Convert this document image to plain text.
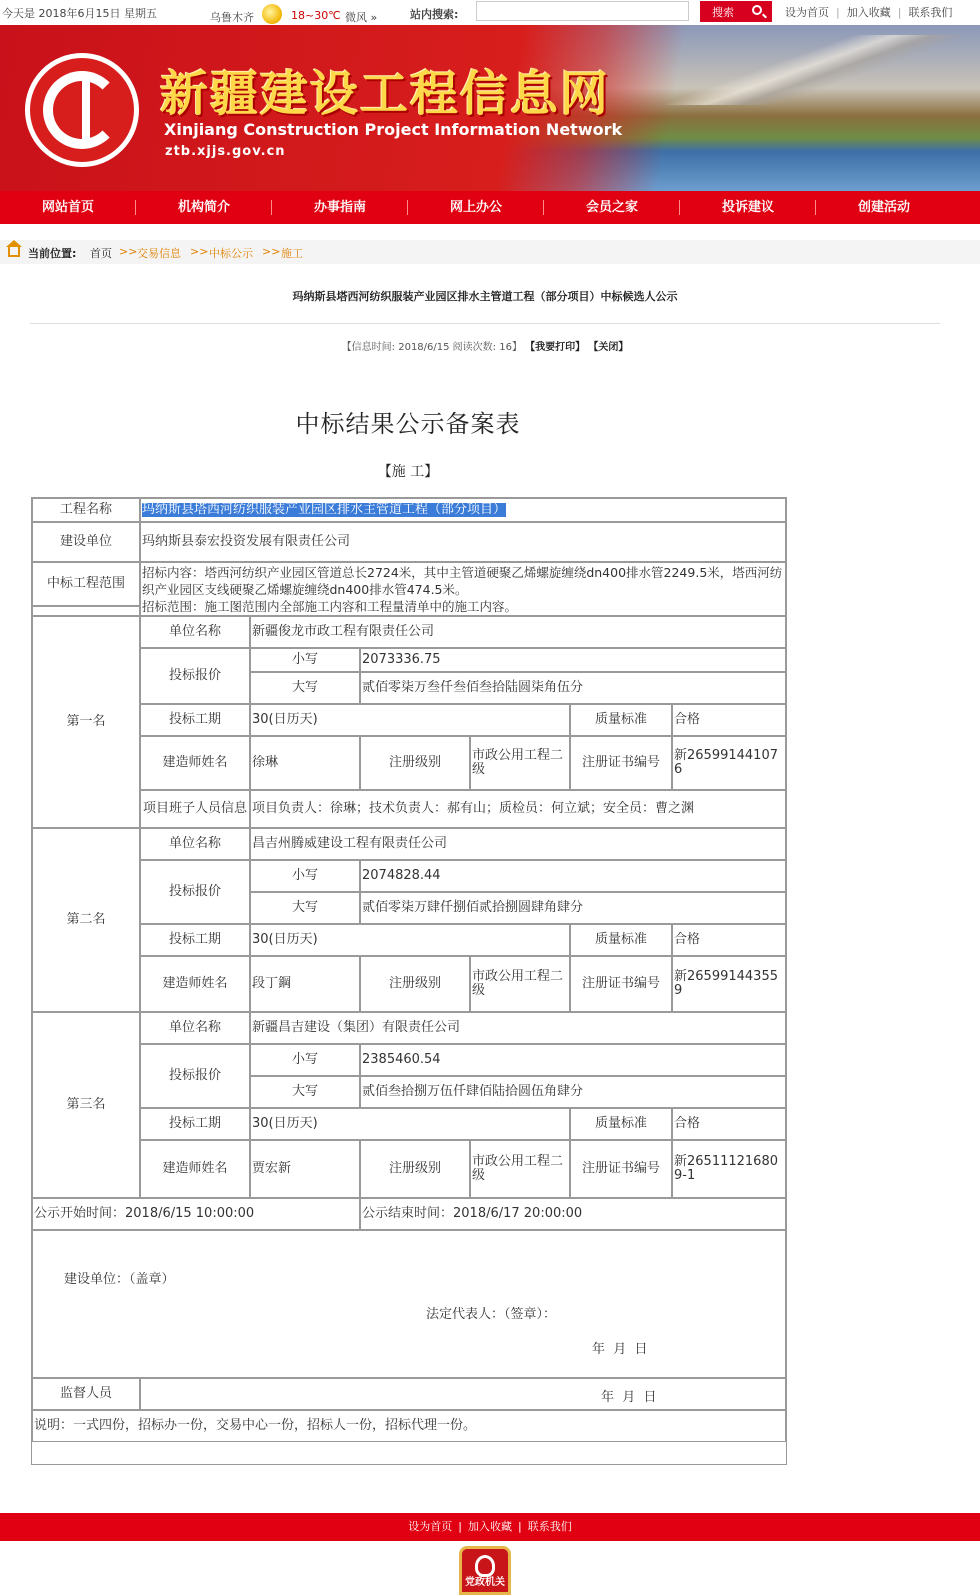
今天是 2018年6月15日 星期五	乌鲁木齐	18~30℃ 微风 »	站内搜索:	搜索	设为首页 | 加入收藏 | 联系我们
新疆建设工程信息网
Xinjiang Construction Project Information Network
ztb.xjjs.gov.cn
网站首页	机构简介	办事指南	网上办公	会员之家	投诉建议	创建活动
当前位置: 首页 >> 交易信息 >> 中标公示 >> 施工
玛纳斯县塔西河纺织服装产业园区排水主管道工程（部分项目）中标候选人公示
【信息时间: 2018/6/15 阅读次数: 16】 【我要打印】 【关闭】
中标结果公示备案表
【施 工】
工程名称	玛纳斯县塔西河纺织服装产业园区排水主管道工程（部分项目）
建设单位	玛纳斯县泰宏投资发展有限责任公司
中标工程范围
招标内容：塔西河纺织产业园区管道总长2724米，其中主管道硬聚乙烯螺旋缠绕dn400排水管2249.5米，塔西河纺织产业园区支线硬聚乙烯螺旋缠绕dn400排水管474.5米。
招标范围：施工图范围内全部施工内容和工程量清单中的施工内容。
第一名
单位名称	新疆俊龙市政工程有限责任公司
投标报价
小写	2073336.75
大写	贰佰零柒万叁仟叁佰叁拾陆圆柒角伍分
投标工期	30(日历天)	质量标准	合格
建造师姓名	徐琳	注册级别	市政公用工程二级	注册证书编号	新265991441076
项目班子人员信息 项目负责人：徐琳；技术负责人：郝有山；质检员：何立斌；安全员：曹之渊
第二名
单位名称	昌吉州腾威建设工程有限责任公司
投标报价
小写	2074828.44
大写	贰佰零柒万肆仟捌佰贰拾捌圆肆角肆分
投标工期	30(日历天)	质量标准	合格
建造师姓名	段丁鋼	注册级别	市政公用工程二级	注册证书编号	新265991443559
第三名
单位名称	新疆昌吉建设（集团）有限责任公司
投标报价
小写	2385460.54
大写	贰佰叁拾捌万伍仟肆佰陆拾圆伍角肆分
投标工期	30(日历天)	质量标准	合格
建造师姓名	贾宏新	注册级别	市政公用工程二级	注册证书编号	新265111216809-1
公示开始时间：2018/6/15 10:00:00	公示结束时间：2018/6/17 20:00:00
建设单位：（盖章）
法定代表人：（签章）：
年  月  日
监督人员	年  月  日
说明：一式四份，招标办一份，交易中心一份，招标人一份，招标代理一份。
设为首页 | 加入收藏 | 联系我们
党政机关
